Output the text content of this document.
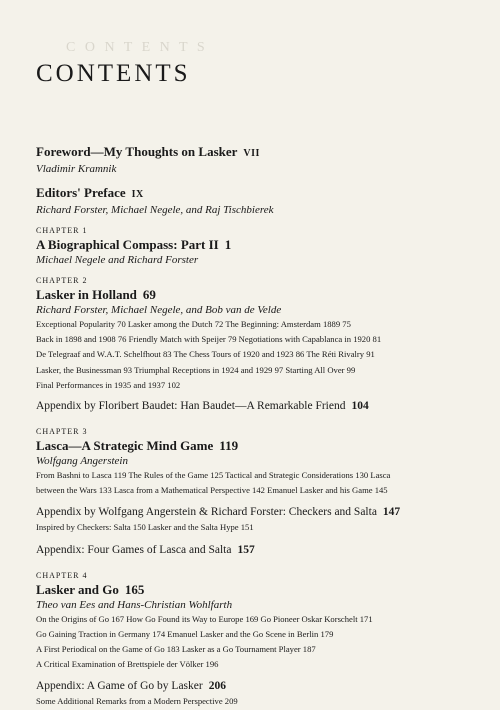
C O N T E N T S
CONTENTS
Foreword—My Thoughts on Lasker VII
Vladimir Kramnik
Editors' Preface IX
Richard Forster, Michael Negele, and Raj Tischbierek
CHAPTER 1
A Biographical Compass: Part II 1
Michael Negele and Richard Forster
CHAPTER 2
Lasker in Holland 69
Richard Forster, Michael Negele, and Bob van de Velde
Exceptional Popularity 70 Lasker among the Dutch 72 The Beginning: Amsterdam 1889 75
Back in 1898 and 1908 76 Friendly Match with Speijer 79 Negotiations with Capablanca in 1920 81
De Telegraaf and W.A.T. Schelfhout 83 The Chess Tours of 1920 and 1923 86 The Réti Rivalry 91
Lasker, the Businessman 93 Triumphal Receptions in 1924 and 1929 97 Starting All Over 99
Final Performances in 1935 and 1937 102
Appendix by Floribert Baudet: Han Baudet—A Remarkable Friend 104
CHAPTER 3
Lasca—A Strategic Mind Game 119
Wolfgang Angerstein
From Bashni to Lasca 119 The Rules of the Game 125 Tactical and Strategic Considerations 130 Lasca
between the Wars 133 Lasca from a Mathematical Perspective 142 Emanuel Lasker and his Game 145
Appendix by Wolfgang Angerstein & Richard Forster: Checkers and Salta 147
Inspired by Checkers: Salta 150 Lasker and the Salta Hype 151
Appendix: Four Games of Lasca and Salta 157
CHAPTER 4
Lasker and Go 165
Theo van Ees and Hans-Christian Wohlfarth
On the Origins of Go 167 How Go Found its Way to Europe 169 Go Pioneer Oskar Korschelt 171
Go Gaining Traction in Germany 174 Emanuel Lasker and the Go Scene in Berlin 179
A First Periodical on the Game of Go 183 Lasker as a Go Tournament Player 187
A Critical Examination of Brettspiele der Völker 196
Appendix: A Game of Go by Lasker 206
Some Additional Remarks from a Modern Perspective 209
